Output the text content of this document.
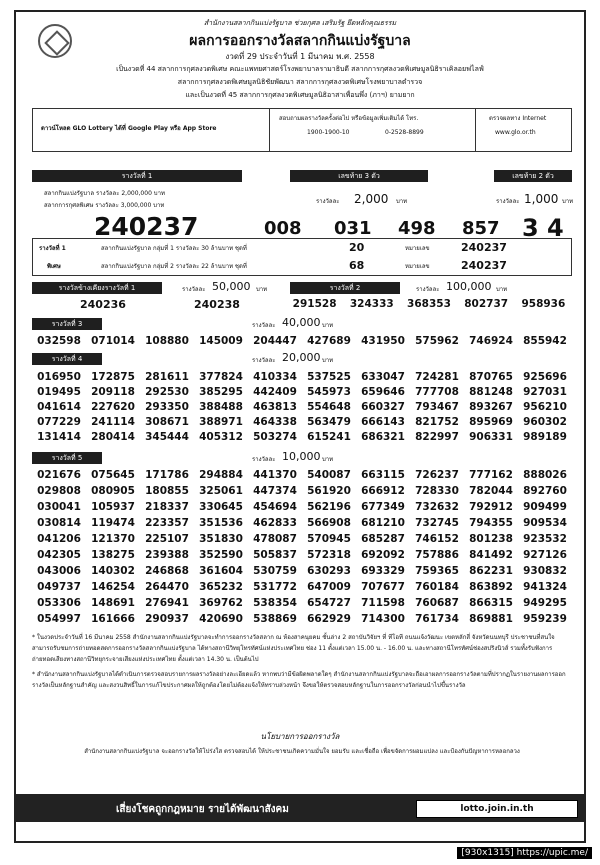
สำนักงานสลากกินแบ่งรัฐบาล ช่วยกุศล เสริมรัฐ ยึดหลักคุณธรรม
ผลการออกรางวัลสลากกินแบ่งรัฐบาล
งวดที่ 29 ประจำวันที่ 1 มีนาคม พ.ศ. 2558
เป็นงวดที่ 44 สลากการกุศลงวดพิเศษ คณะแพทยศาสตร์โรงพยาบาลรามาธิบดี สลากการกุศลงวดพิเศษมูลนิธิราเคิลอยฟไลฟ์
สลากการกุศลงวดพิเศษมูลนิธิชัยพัฒนา สลากการกุศลงวดพิเศษโรงพยาบาลตำรวจ
และเป็นงวดที่ 45 สลากการกุศลงวดพิเศษมูลนิธิอาสาเพื่อนพึ่ง (ภาฯ) ยามยาก
ดาวน์โหลด GLO Lottery ได้ที่ Google Play หรือ App Store
สอบถามผลรางวัลครั้งต่อไป หรือข้อมูลเพิ่มเติมได้ โทร.
1900-1900-10	0-2528-8899
ตรวจผลทาง Internet
www.glo.or.th
รางวัลที่ 1	เลขท้าย 3 ตัว	เลขท้าย 2 ตัว
สลากกินแบ่งรัฐบาล รางวัลละ 2,000,000 บาท
สลากการกุศลพิเศษ รางวัลละ 3,000,000 บาท
240237
รางวัลละ 2,000 บาท	รางวัลละ 1,000 บาท
008 031 498 857 3 4
รางวัลที่ 1
พิเศษ
สลากกินแบ่งรัฐบาล กลุ่มที่ 1 รางวัลละ 30 ล้านบาท ชุดที่	20	หมายเลข	240237
สลากกินแบ่งรัฐบาล กลุ่มที่ 2 รางวัลละ 22 ล้านบาท ชุดที่	68	หมายเลข	240237
รางวัลข้างเคียงรางวัลที่ 1	รางวัลละ 50,000 บาท
240236	240238
รางวัลที่ 2	รางวัลละ 100,000 บาท
291528	324333	368353	802737	958936
รางวัลที่ 3	รางวัลละ 40,000 บาท
032598	071014	108880	145009	204447	427689	431950	575962	746924	855942
รางวัลที่ 4	รางวัลละ 20,000 บาท
016950	172875	281611	377824	410334	537525	633047	724281	870765	925696
019495	209118	292530	385295	442409	545973	659646	777708	881248	927031
041614	227620	293350	388488	463813	554648	660327	793467	893267	956210
077229	241114	308671	388971	464338	563479	666143	821752	895969	960302
131414	280414	345444	405312	503274	615241	686321	822997	906331	989189
รางวัลที่ 5	รางวัลละ 10,000 บาท
021676	075645	171786	294884	441370	540087	663115	726237	777162	888026
029808	080905	180855	325061	447374	561920	666912	728330	782044	892760
030041	105937	218337	330645	454694	562196	677349	732632	792912	909499
030814	119474	223357	351536	462833	566908	681210	732745	794355	909534
041206	121370	225107	351830	478087	570945	685287	746152	801238	923532
042305	138275	239388	352590	505837	572318	692092	757886	841492	927126
043006	140302	246868	361604	530759	630293	693329	759365	862231	930832
049737	146254	264470	365232	531772	647009	707677	760184	863892	941324
053306	148691	276941	369762	538354	654727	711598	760687	866315	949295
054997	161666	290937	420690	538869	662929	714300	761734	869881	959239
* ในงวดประจำวันที่ 16 มีนาคม 2558 สำนักงานสลากกินแบ่งรัฐบาลจะทำการออกรางวัลสลาก ณ ห้องสาคนุยคม ชั้นล่าง 2 สถาบันวิจัยฯ ที่ ทีโอที ถนนแจ้งวัฒนะ เขตหลักสี่ จังหวัดนนทบุรี ประชาชนที่สนใจสามารถรับชมการถ่ายทอดสดการออกรางวัลสลากกินแบ่งรัฐบาล ได้ทางสถานีวิทยุโทรทัศน์แห่งประเทศไทย ช่อง 11 ตั้งแต่เวลา 15.00 น. - 16.00 น. และทางสถานีโทรทัศน์ช่องสปริงนิวส์ รวมทั้งรับฟังการถ่ายทอดเสียงทางสถานีวิทยุกระจายเสียงแห่งประเทศไทย ตั้งแต่เวลา 14.30 น. เป็นต้นไป
* สำนักงานสลากกินแบ่งรัฐบาลได้ดำเนินการตรวจสอบรายการผลรางวัลอย่างละเอียดแล้ว หากพบว่ามีข้อผิดพลาดใดๆ สำนักงานสลากกินแบ่งรัฐบาลจะถือเอาผลการออกรางวัลตามที่ปรากฏในรายงานผลการออกรางวัลเป็นหลักฐานสำคัญ และสงวนสิทธิ์ในการแก้ไขประกาศผลให้ถูกต้องโดยไม่ต้องแจ้งให้ทราบล่วงหน้า จึงขอให้ตรวจสอบหลักฐานในการออกรางวัลก่อนนำไปขึ้นรางวัล
นโยบายการออกรางวัล
สำนักงานสลากกินแบ่งรัฐบาล จะออกรางวัลให้โปร่งใส ตรวจสอบได้ ให้ประชาชนเกิดความมั่นใจ ยอมรับ และเชื่อถือ เพื่อขจัดการผอมแปลง และป้องกันปัญหาการหลอกลวง
เสี่ยงโชคถูกกฎหมาย รายได้พัฒนาสังคม	lotto.join.in.th
[930x1315] https://upic.me/
